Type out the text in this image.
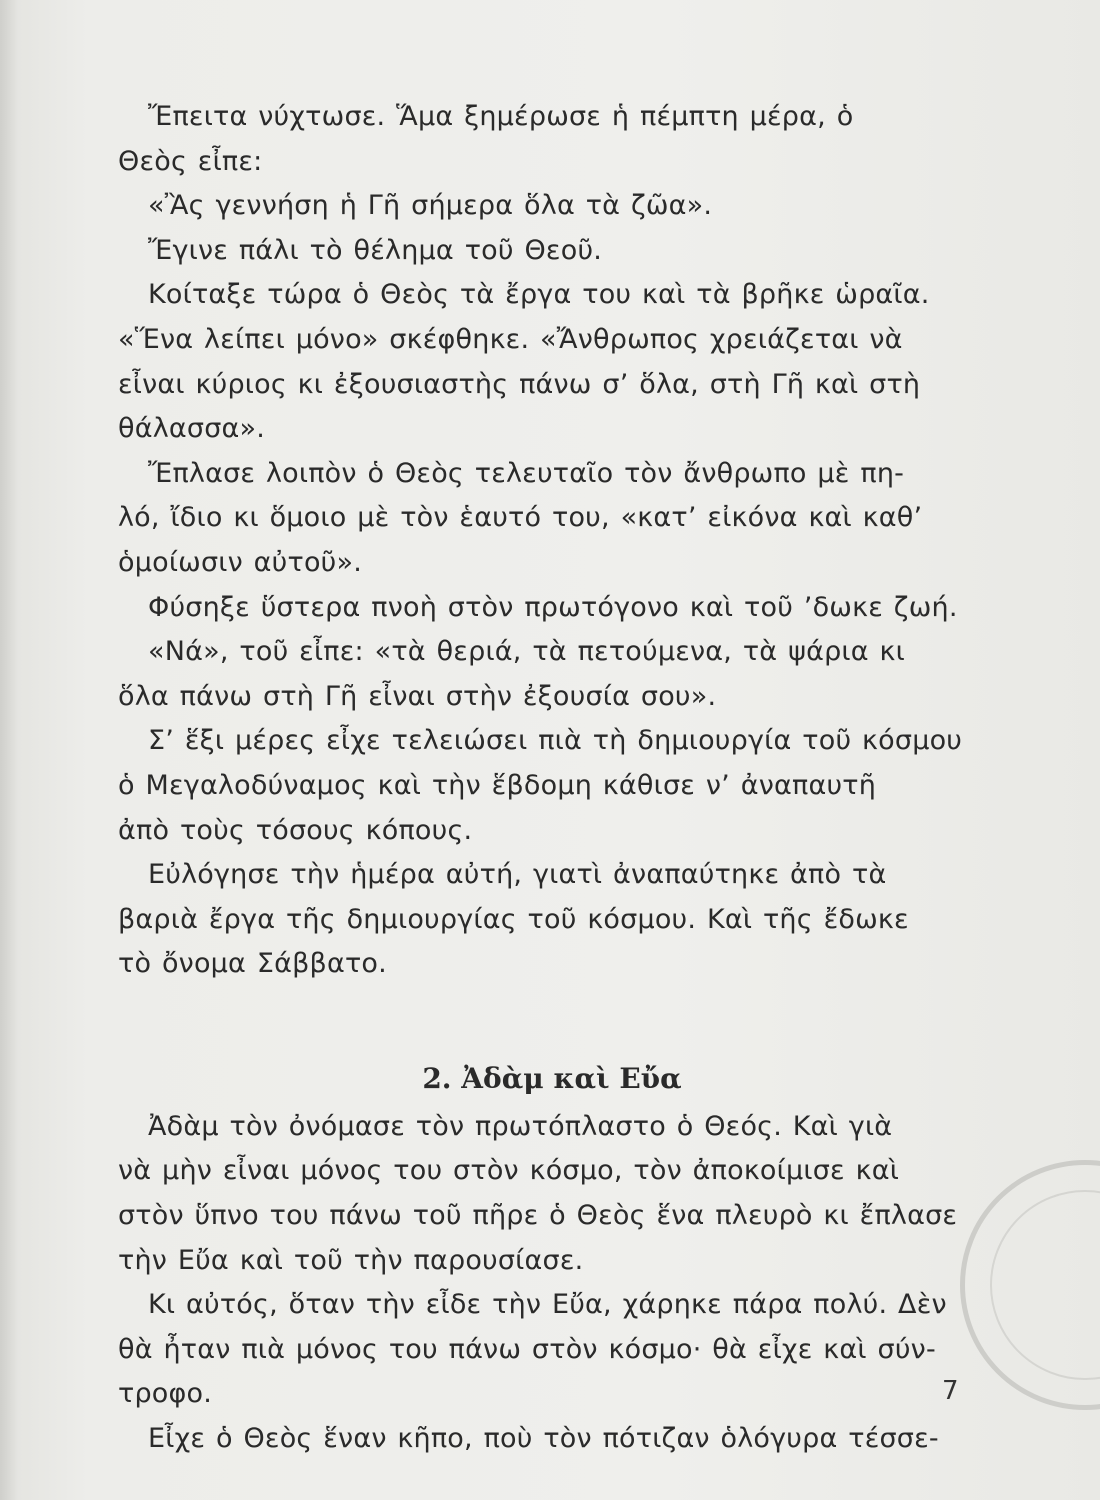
Ἔπειτα νύχτωσε. Ἅμα ξημέρωσε ἡ πέμπτη μέρα, ὁ
Θεὸς εἶπε:
«Ἂς γεννήση ἡ Γῆ σήμερα ὅλα τὰ ζῶα».
Ἔγινε πάλι τὸ θέλημα τοῦ Θεοῦ.
Κοίταξε τώρα ὁ Θεὸς τὰ ἔργα του καὶ τὰ βρῆκε ὡραῖα.
«Ἕνα λείπει μόνο» σκέφθηκε. «Ἄνθρωπος χρειάζεται νὰ
εἶναι κύριος κι ἐξουσιαστὴς πάνω σ’ ὅλα, στὴ Γῆ καὶ στὴ
θάλασσα».
Ἔπλασε λοιπὸν ὁ Θεὸς τελευταῖο τὸν ἄνθρωπο μὲ πη-
λό, ἴδιο κι ὅμοιο μὲ τὸν ἑαυτό του, «κατ’ εἰκόνα καὶ καθ’
ὁμοίωσιν αὐτοῦ».
Φύσηξε ὕστερα πνοὴ στὸν πρωτόγονο καὶ τοῦ ’δωκε ζωή.
«Νά», τοῦ εἶπε: «τὰ θεριά, τὰ πετούμενα, τὰ ψάρια κι
ὅλα πάνω στὴ Γῆ εἶναι στὴν ἐξουσία σου».
Σ’ ἕξι μέρες εἶχε τελειώσει πιὰ τὴ δημιουργία τοῦ κόσμου
ὁ Μεγαλοδύναμος καὶ τὴν ἕβδομη κάθισε ν’ ἀναπαυτῆ
ἀπὸ τοὺς τόσους κόπους.
Εὐλόγησε τὴν ἡμέρα αὐτή, γιατὶ ἀναπαύτηκε ἀπὸ τὰ
βαριὰ ἔργα τῆς δημιουργίας τοῦ κόσμου. Καὶ τῆς ἔδωκε
τὸ ὄνομα Σάββατο.
2. Ἀδὰμ καὶ Εὔα
Ἀδὰμ τὸν ὀνόμασε τὸν πρωτόπλαστο ὁ Θεός. Καὶ γιὰ
νὰ μὴν εἶναι μόνος του στὸν κόσμο, τὸν ἀποκοίμισε καὶ
στὸν ὕπνο του πάνω τοῦ πῆρε ὁ Θεὸς ἕνα πλευρὸ κι ἔπλασε
τὴν Εὔα καὶ τοῦ τὴν παρουσίασε.
Κι αὐτός, ὅταν τὴν εἶδε τὴν Εὔα, χάρηκε πάρα πολύ. Δὲν
θὰ ἦταν πιὰ μόνος του πάνω στὸν κόσμο· θὰ εἶχε καὶ σύν-
τροφο.
Εἶχε ὁ Θεὸς ἕναν κῆπο, ποὺ τὸν πότιζαν ὁλόγυρα τέσσε-
7
